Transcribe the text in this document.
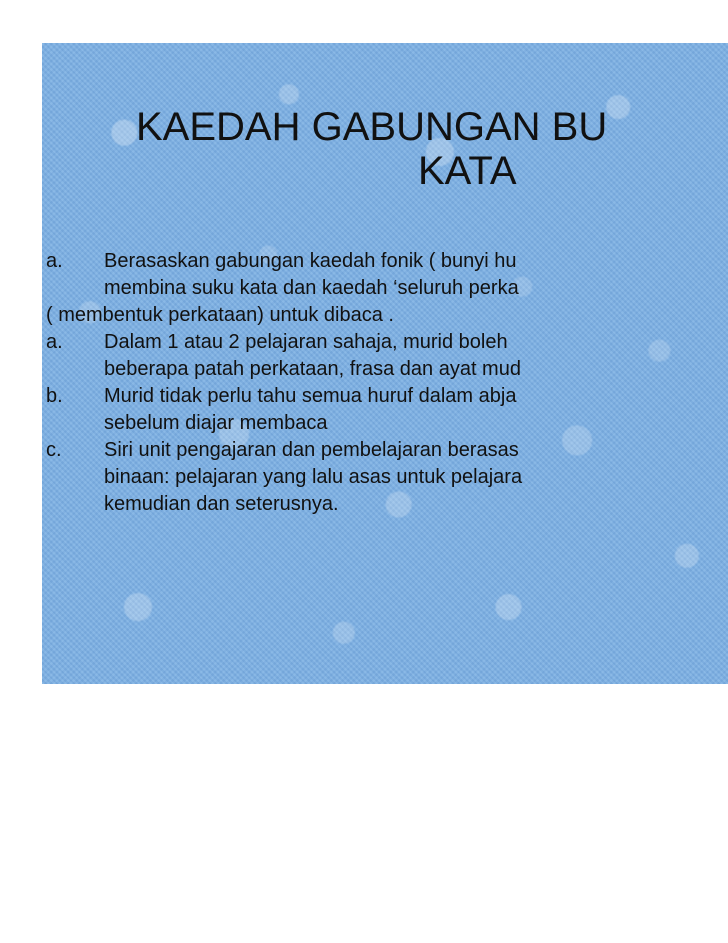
KAEDAH GABUNGAN BU
KATA
a.	Berasaskan gabungan kaedah fonik ( bunyi hu
membina suku kata dan kaedah ‘seluruh perka
( membentuk perkataan) untuk dibaca .
a.	Dalam 1 atau 2 pelajaran sahaja, murid boleh
beberapa patah perkataan, frasa dan ayat mud
b.	Murid tidak perlu tahu semua huruf dalam abja
sebelum diajar membaca
c.	Siri unit pengajaran dan pembelajaran berasas
binaan: pelajaran yang lalu asas untuk pelajara
kemudian dan seterusnya.
